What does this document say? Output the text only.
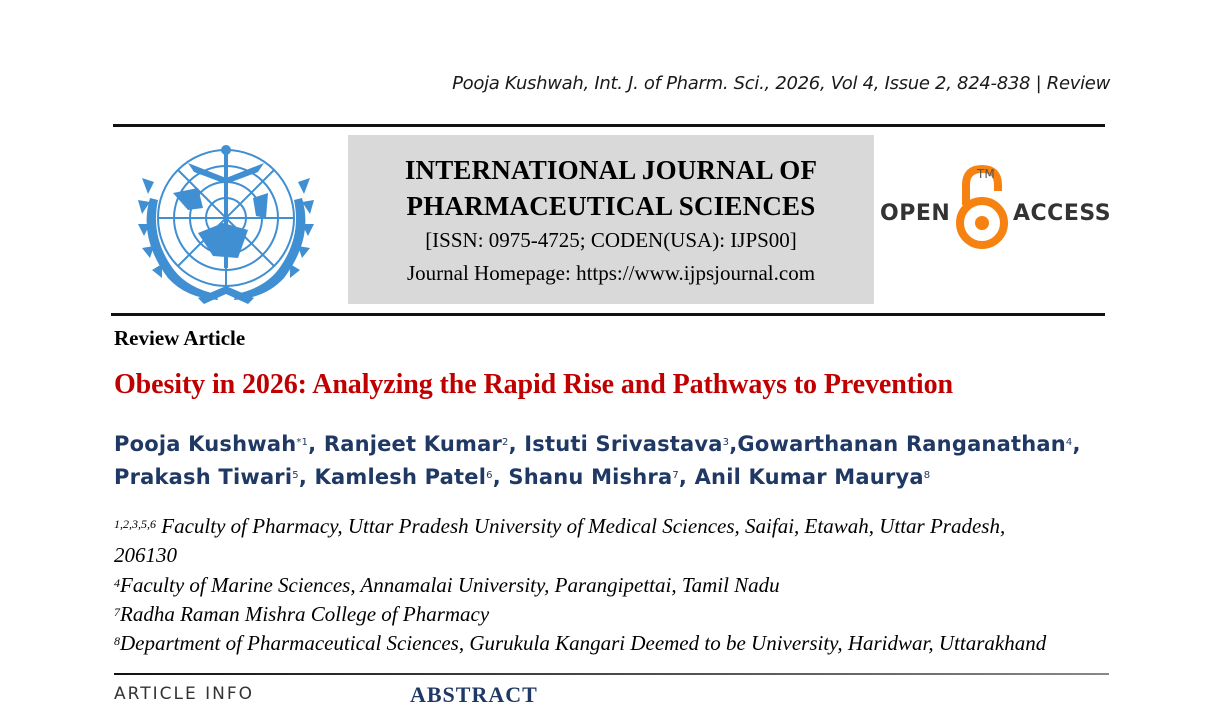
Pooja Kushwah, Int. J. of Pharm. Sci., 2026, Vol 4, Issue 2, 824-838 | Review
INTERNATIONAL JOURNAL OF
PHARMACEUTICAL SCIENCES
[ISSN: 0975-4725; CODEN(USA): IJPS00]
Journal Homepage: https://www.ijpsjournal.com
OPEN
TM
ACCESS
Review Article
Obesity in 2026: Analyzing the Rapid Rise and Pathways to Prevention
Pooja Kushwah$^{*1}$, Ranjeet Kumar$^2$, Istuti Srivastava$^3$,Gowarthanan Ranganathan$^4$,
Prakash Tiwari$^5$, Kamlesh Patel$^6$, Shanu Mishra$^7$, Anil Kumar Maurya$^8$
$^{1,2,3,5,6}$ Faculty of Pharmacy, Uttar Pradesh University of Medical Sciences, Saifai, Etawah, Uttar Pradesh,
206130
$^4$Faculty of Marine Sciences, Annamalai University, Parangipettai, Tamil Nadu
$^7$Radha Raman Mishra College of Pharmacy
$^8$Department of Pharmaceutical Sciences, Gurukula Kangari Deemed to be University, Haridwar, Uttarakhand
ARTICLE INFO	ABSTRACT
